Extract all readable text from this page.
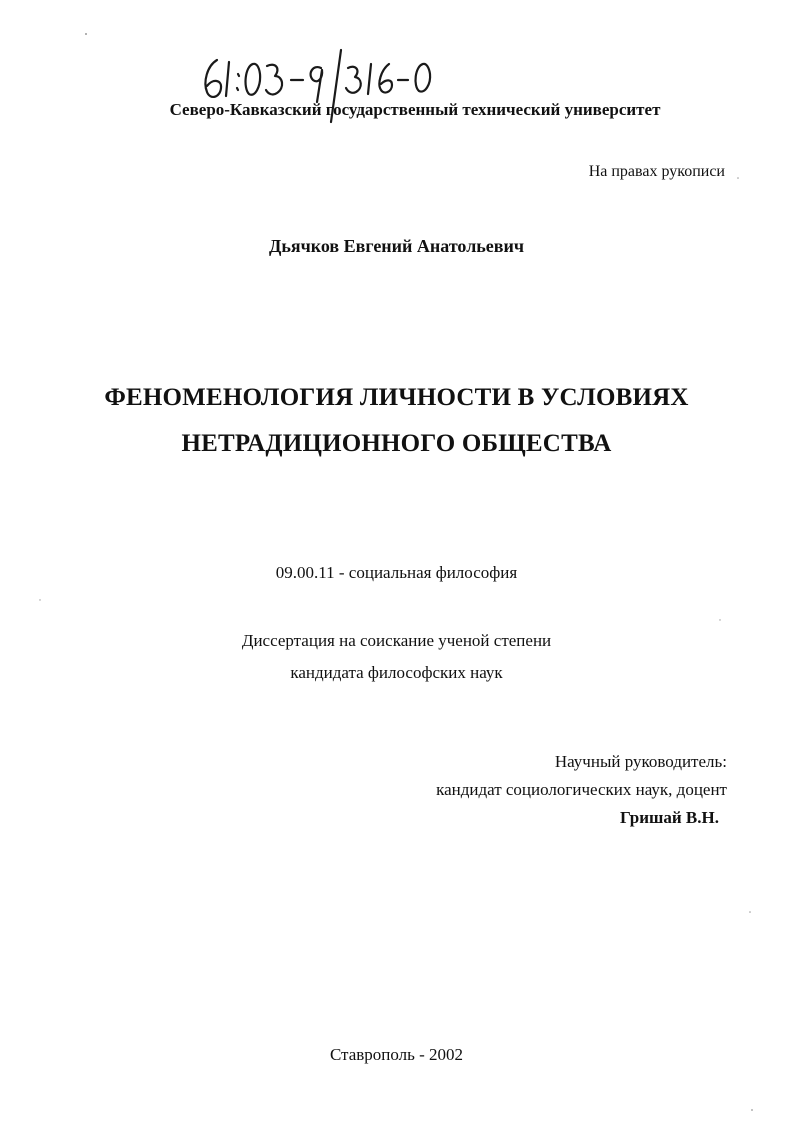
Северо-Кавказский государственный технический университет
На правах рукописи
Дьячков Евгений Анатольевич
ФЕНОМЕНОЛОГИЯ ЛИЧНОСТИ В УСЛОВИЯХ
НЕТРАДИЦИОННОГО ОБЩЕСТВА
09.00.11 - социальная философия
Диссертация на соискание ученой степени
кандидата философских наук
Научный руководитель:
кандидат социологических наук, доцент
Гришай В.Н.
Ставрополь - 2002
